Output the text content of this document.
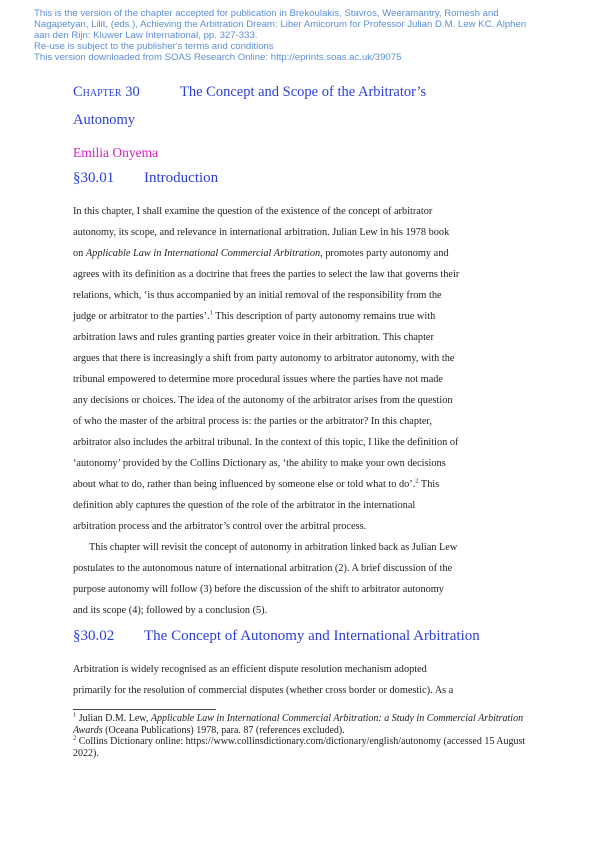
This is the version of the chapter accepted for publication in Brekoulakis, Stavros, Weeramantry, Romesh and
Nagapetyan, Lilit, (eds.), Achieving the Arbitration Dream: Liber Amicorum for Professor Julian D.M. Lew KC. Alphen
aan den Rijn: Kluwer Law International, pp. 327-333.
Re-use is subject to the publisher's terms and conditions
This version downloaded from SOAS Research Online: http://eprints.soas.ac.uk/39075
Chapter 30	The Concept and Scope of the Arbitrator’s
Autonomy
Emilia Onyema
§30.01 Introduction
In this chapter, I shall examine the question of the existence of the concept of arbitrator
autonomy, its scope, and relevance in international arbitration. Julian Lew in his 1978 book
on Applicable Law in International Commercial Arbitration, promotes party autonomy and
agrees with its definition as a doctrine that frees the parties to select the law that governs their
relations, which, ‘is thus accompanied by an initial removal of the responsibility from the
judge or arbitrator to the parties’.$^1$ This description of party autonomy remains true with
arbitration laws and rules granting parties greater voice in their arbitration. This chapter
argues that there is increasingly a shift from party autonomy to arbitrator autonomy, with the
tribunal empowered to determine more procedural issues where the parties have not made
any decisions or choices. The idea of the autonomy of the arbitrator arises from the question
of who the master of the arbitral process is: the parties or the arbitrator? In this chapter,
arbitrator also includes the arbitral tribunal. In the context of this topic, I like the definition of
‘autonomy’ provided by the Collins Dictionary as, ‘the ability to make your own decisions
about what to do, rather than being influenced by someone else or told what to do’.$^2$ This
definition ably captures the question of the role of the arbitrator in the international
arbitration process and the arbitrator’s control over the arbitral process.
This chapter will revisit the concept of autonomy in arbitration linked back as Julian Lew
postulates to the autonomous nature of international arbitration (2). A brief discussion of the
purpose autonomy will follow (3) before the discussion of the shift to arbitrator autonomy
and its scope (4); followed by a conclusion (5).
§30.02 The Concept of Autonomy and International Arbitration
Arbitration is widely recognised as an efficient dispute resolution mechanism adopted
primarily for the resolution of commercial disputes (whether cross border or domestic). As a
$^1$ Julian D.M. Lew, Applicable Law in International Commercial Arbitration: a Study in Commercial Arbitration Awards (Oceana Publications) 1978, para. 87 (references excluded).
$^2$ Collins Dictionary online: https://www.collinsdictionary.com/dictionary/english/autonomy (accessed 15 August 2022).
